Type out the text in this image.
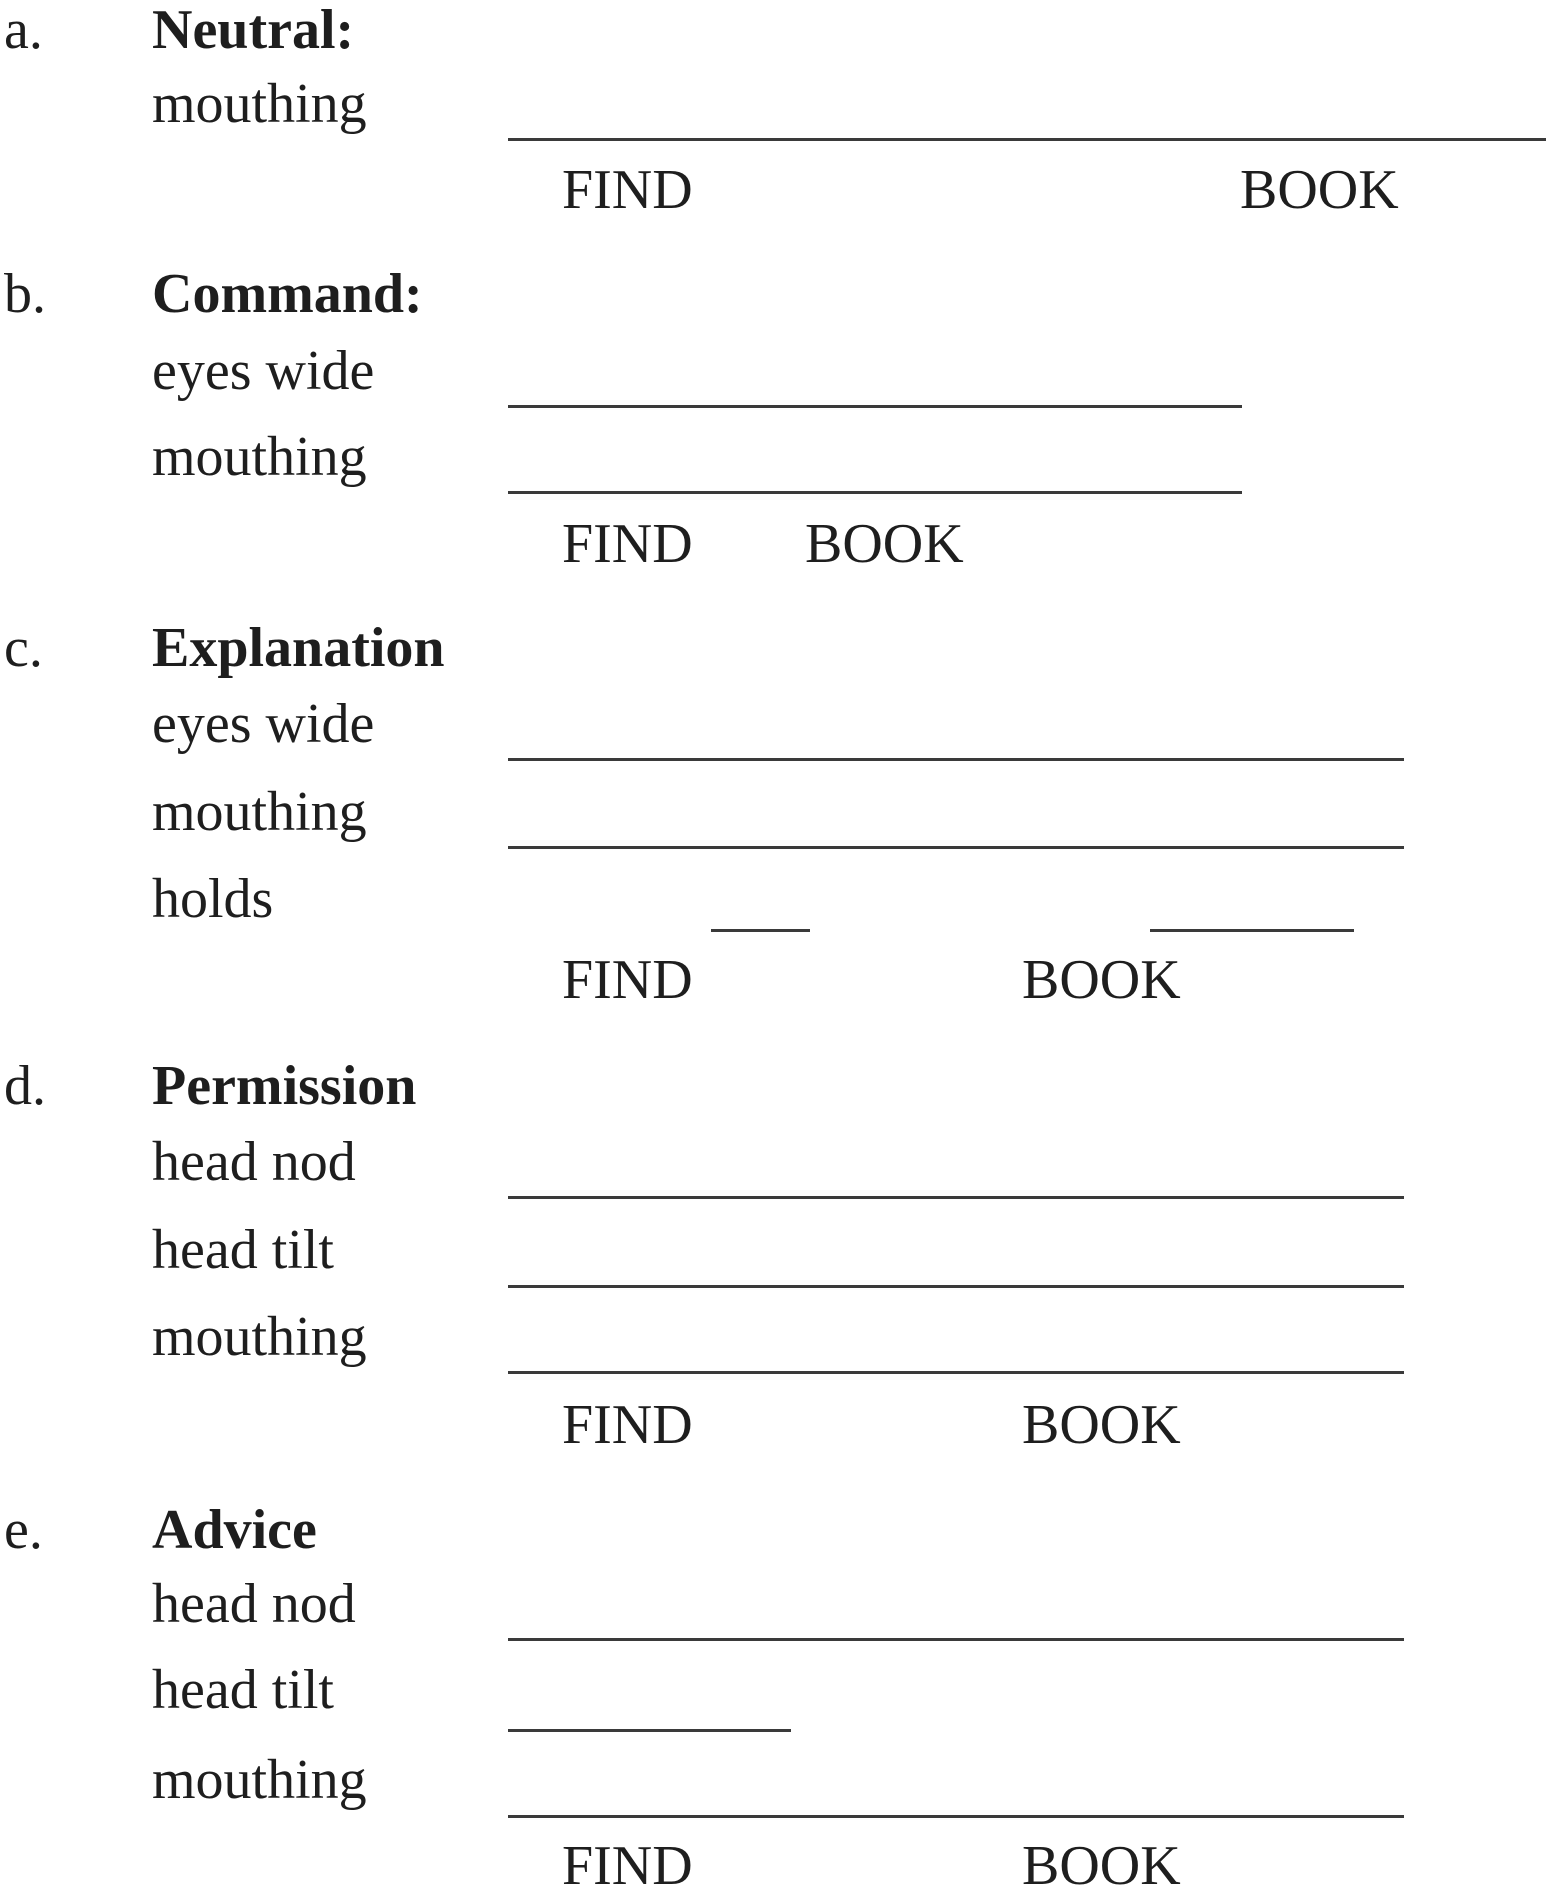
a. Neutral:
mouthing
FIND	BOOK
b. Command:
eyes wide
mouthing
FIND BOOK
c. Explanation
eyes wide
mouthing
holds
FIND	BOOK
d. Permission
head nod
head tilt
mouthing
FIND	BOOK
e. Advice
head nod
head tilt
mouthing
FIND	BOOK
